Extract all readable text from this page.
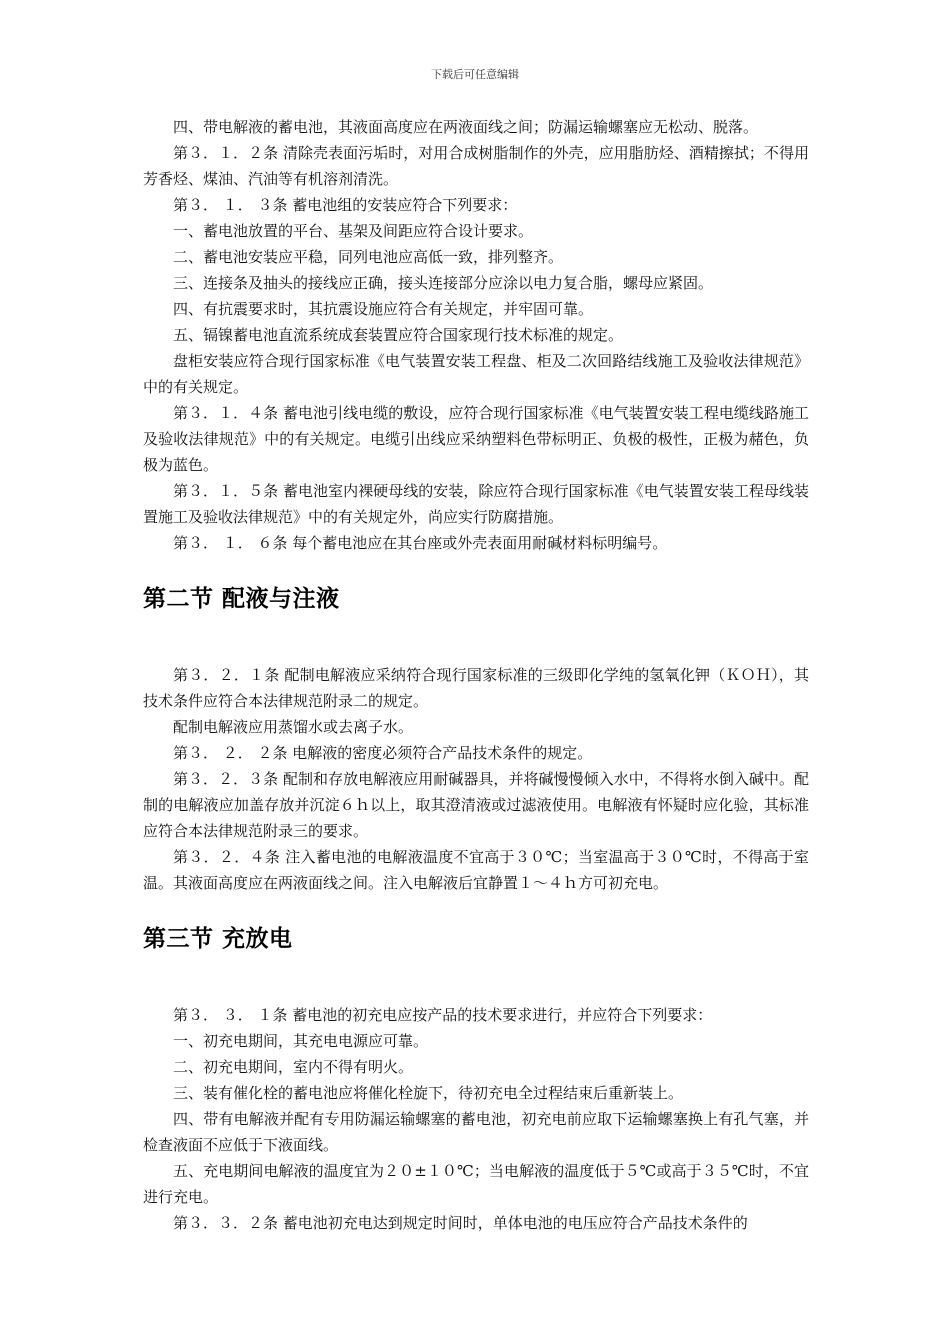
下载后可任意编辑

四、带电解液的蓄电池，其液面高度应在两液面线之间；防漏运输螺塞应无松动、脱落。

第３．１．２条 清除壳表面污垢时，对用合成树脂制作的外壳，应用脂肪烃、酒精擦拭；不得用芳香烃、煤油、汽油等有机溶剂清洗。

第３． １． ３条 蓄电池组的安装应符合下列要求：

一、蓄电池放置的平台、基架及间距应符合设计要求。

二、蓄电池安装应平稳，同列电池应高低一致，排列整齐。

三、连接条及抽头的接线应正确，接头连接部分应涂以电力复合脂，螺母应紧固。

四、有抗震要求时，其抗震设施应符合有关规定，并牢固可靠。

五、镉镍蓄电池直流系统成套装置应符合国家现行技术标准的规定。

盘柜安装应符合现行国家标准《电气装置安装工程盘、柜及二次回路结线施工及验收法律规范》中的有关规定。

第３．１．４条 蓄电池引线电缆的敷设，应符合现行国家标准《电气装置安装工程电缆线路施工及验收法律规范》中的有关规定。电缆引出线应采纳塑料色带标明正、负极的极性，正极为赭色，负极为蓝色。

第３．１．５条 蓄电池室内裸硬母线的安装，除应符合现行国家标准《电气装置安装工程母线装置施工及验收法律规范》中的有关规定外，尚应实行防腐措施。

第３． １． ６条 每个蓄电池应在其台座或外壳表面用耐碱材料标明编号。

第二节 配液与注液

第３．２．１条 配制电解液应采纳符合现行国家标准的三级即化学纯的氢氧化钾（ＫＯＨ），其技术条件应符合本法律规范附录二的规定。

配制电解液应用蒸馏水或去离子水。

第３． ２． ２条 电解液的密度必须符合产品技术条件的规定。

第３．２．３条 配制和存放电解液应用耐碱器具，并将碱慢慢倾入水中，不得将水倒入碱中。配制的电解液应加盖存放并沉淀６ｈ以上，取其澄清液或过滤液使用。电解液有怀疑时应化验，其标准应符合本法律规范附录三的要求。

第３．２．４条 注入蓄电池的电解液温度不宜高于３０℃；当室温高于３０℃时，不得高于室温。其液面高度应在两液面线之间。注入电解液后宜静置１～４ｈ方可初充电。

第三节 充放电

第３． ３． １条 蓄电池的初充电应按产品的技术要求进行，并应符合下列要求：

一、初充电期间，其充电电源应可靠。

二、初充电期间，室内不得有明火。

三、装有催化栓的蓄电池应将催化栓旋下，待初充电全过程结束后重新装上。

四、带有电解液并配有专用防漏运输螺塞的蓄电池，初充电前应取下运输螺塞换上有孔气塞，并检查液面不应低于下液面线。

五、充电期间电解液的温度宜为２０±１０℃；当电解液的温度低于５℃或高于３５℃时，不宜进行充电。

第３．３．２条 蓄电池初充电达到规定时间时，单体电池的电压应符合产品技术条件的
